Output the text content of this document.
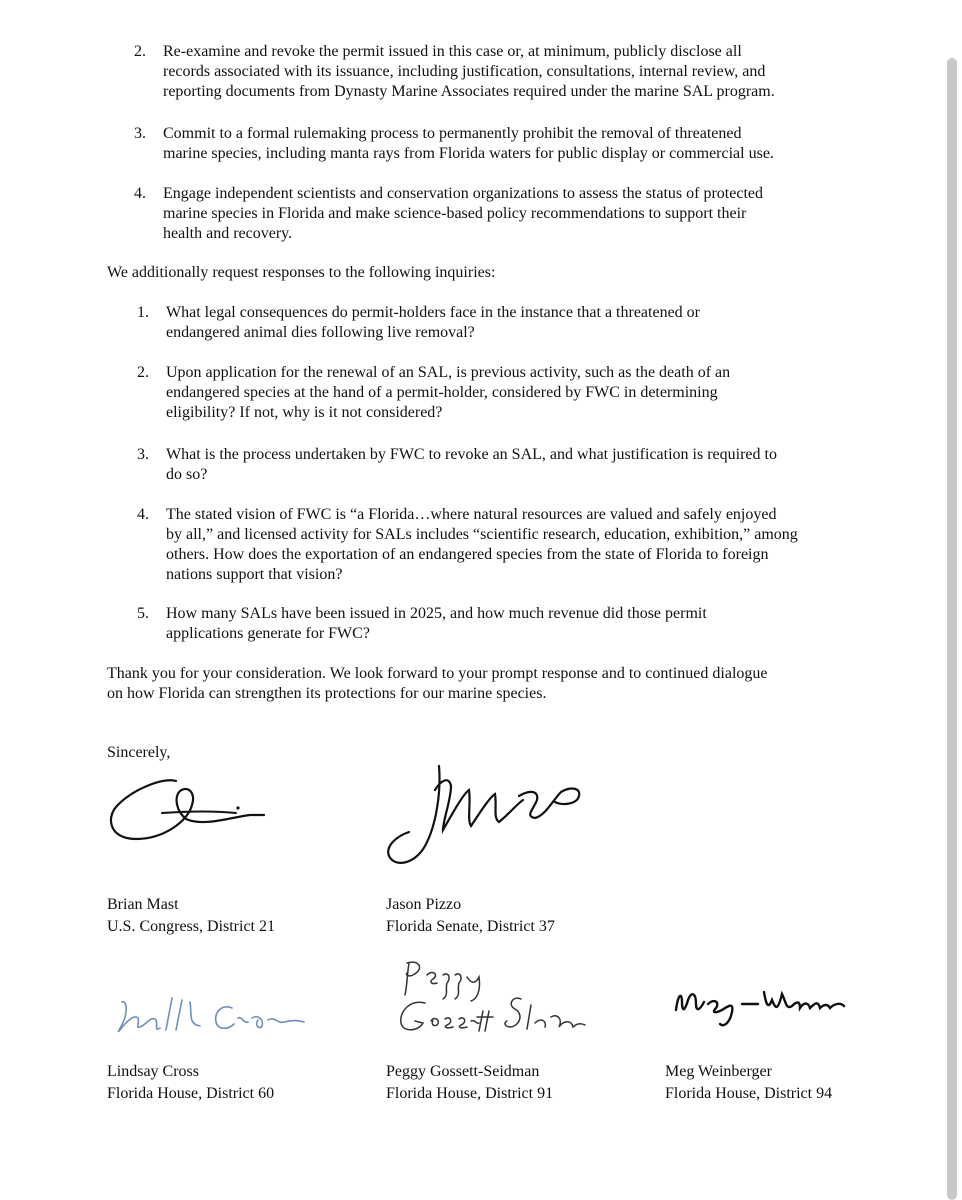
2. Re-examine and revoke the permit issued in this case or, at minimum, publicly disclose all
records associated with its issuance, including justification, consultations, internal review, and
reporting documents from Dynasty Marine Associates required under the marine SAL program.
3. Commit to a formal rulemaking process to permanently prohibit the removal of threatened
marine species, including manta rays from Florida waters for public display or commercial use.
4. Engage independent scientists and conservation organizations to assess the status of protected
marine species in Florida and make science-based policy recommendations to support their
health and recovery.
We additionally request responses to the following inquiries:
1. What legal consequences do permit-holders face in the instance that a threatened or
endangered animal dies following live removal?
2. Upon application for the renewal of an SAL, is previous activity, such as the death of an
endangered species at the hand of a permit-holder, considered by FWC in determining
eligibility? If not, why is it not considered?
3. What is the process undertaken by FWC to revoke an SAL, and what justification is required to
do so?
4. The stated vision of FWC is “a Florida…where natural resources are valued and safely enjoyed
by all,” and licensed activity for SALs includes “scientific research, education, exhibition,” among
others. How does the exportation of an endangered species from the state of Florida to foreign
nations support that vision?
5. How many SALs have been issued in 2025, and how much revenue did those permit
applications generate for FWC?
Thank you for your consideration. We look forward to your prompt response and to continued dialogue
on how Florida can strengthen its protections for our marine species.
Sincerely,
Brian Mast
U.S. Congress, District 21
Jason Pizzo
Florida Senate, District 37
Lindsay Cross
Florida House, District 60
Peggy Gossett-Seidman
Florida House, District 91
Meg Weinberger
Florida House, District 94
